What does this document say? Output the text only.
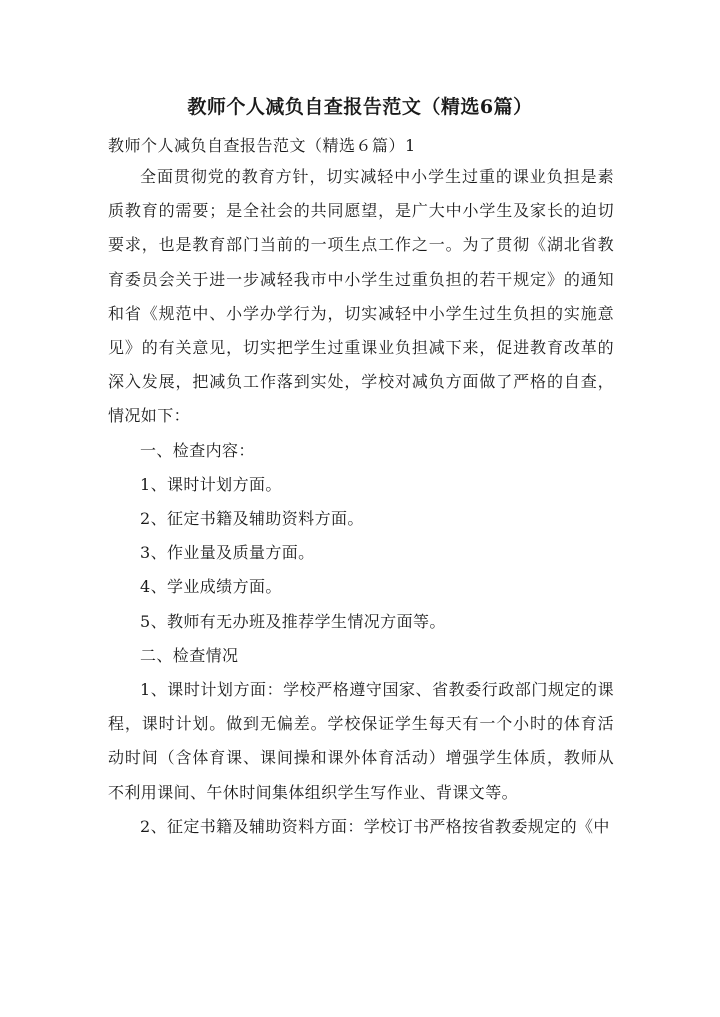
教师个人减负自查报告范文（精选6篇）
教师个人减负自查报告范文（精选６篇）1

全面贯彻党的教育方针，切实减轻中小学生过重的课业负担是素质教育的需要；是全社会的共同愿望，是广大中小学生及家长的迫切要求，也是教育部门当前的一项生点工作之一。为了贯彻《湖北省教育委员会关于进一步减轻我市中小学生过重负担的若干规定》的通知和省《规范中、小学办学行为，切实减轻中小学生过生负担的实施意见》的有关意见，切实把学生过重课业负担减下来，促进教育改革的深入发展，把减负工作落到实处，学校对减负方面做了严格的自查，情况如下：

一、检查内容：

1、课时计划方面。

2、征定书籍及辅助资料方面。

3、作业量及质量方面。

4、学业成绩方面。

5、教师有无办班及推荐学生情况方面等。

二、检查情况

1、课时计划方面：学校严格遵守国家、省教委行政部门规定的课程，课时计划。做到无偏差。学校保证学生每天有一个小时的体育活动时间（含体育课、课间操和课外体育活动）增强学生体质，教师从不利用课间、午休时间集体组织学生写作业、背课文等。

2、征定书籍及辅助资料方面：学校订书严格按省教委规定的《中
